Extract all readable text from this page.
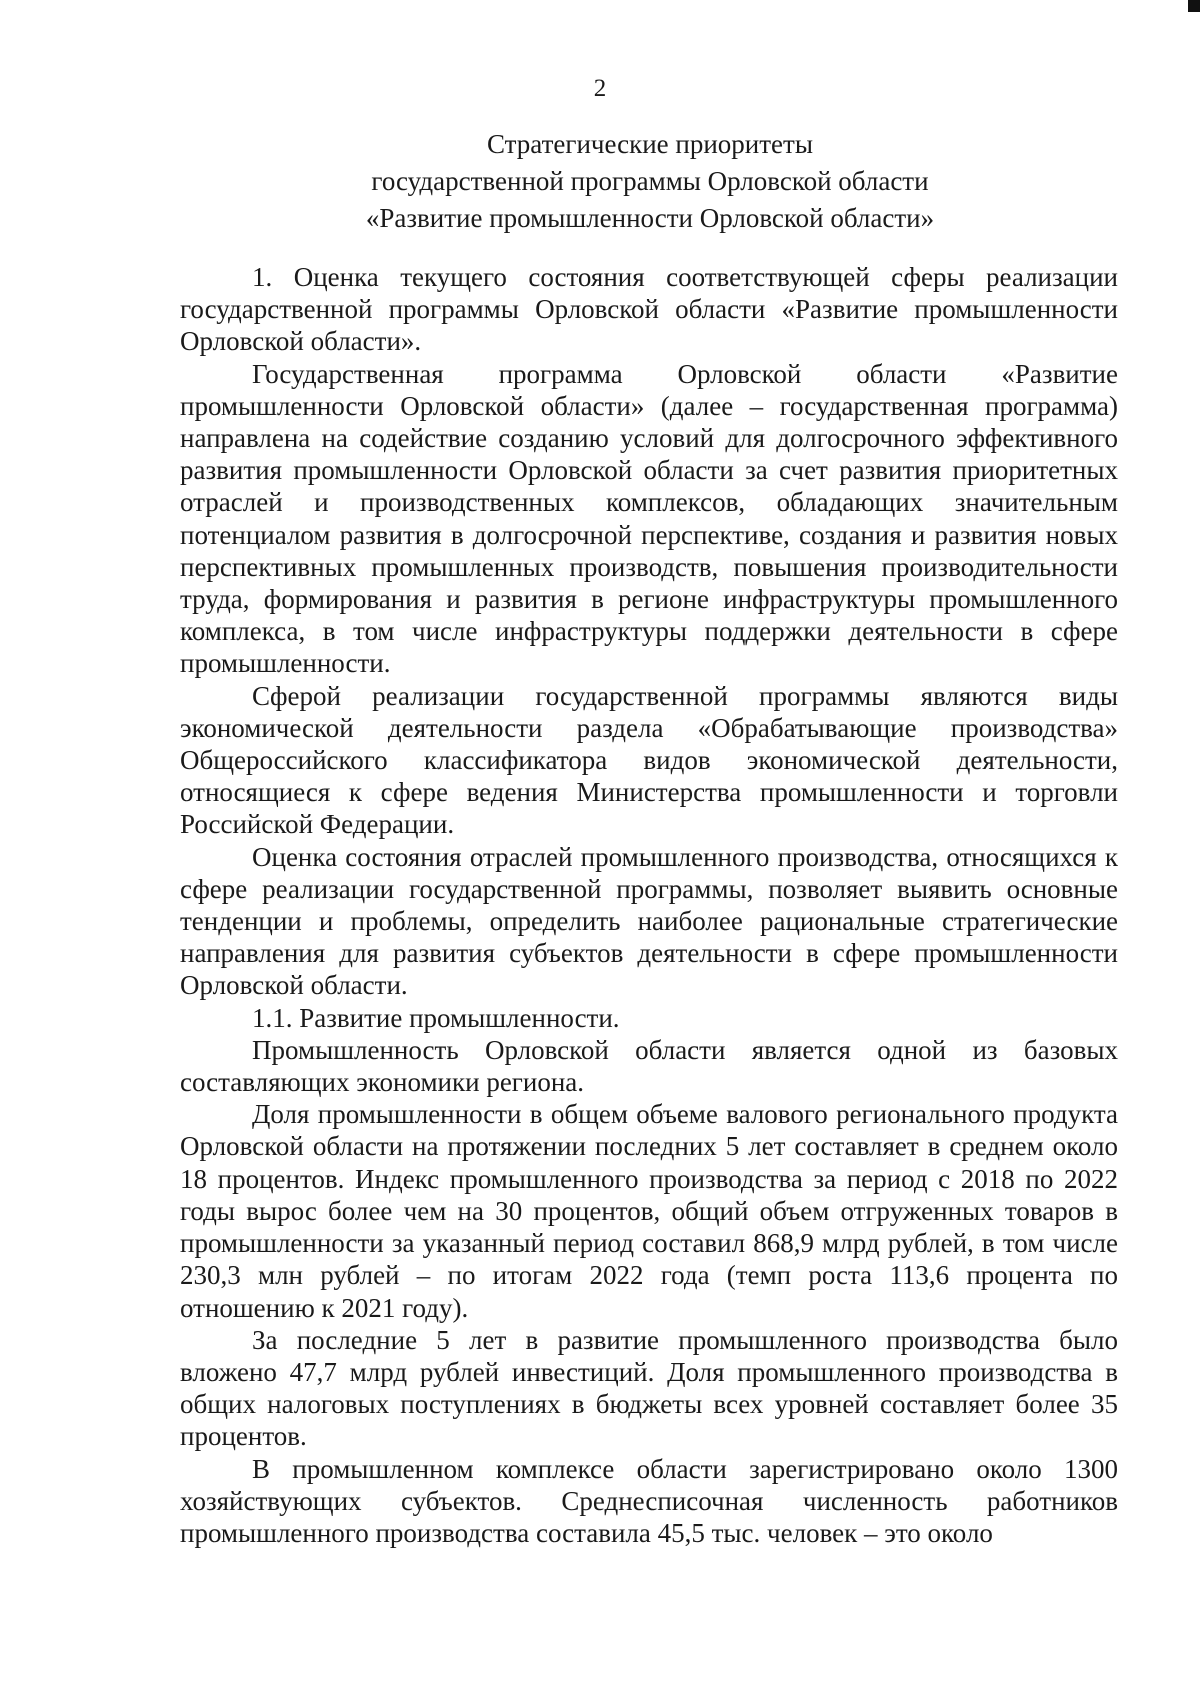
2
Стратегические приоритеты
государственной программы Орловской области
«Развитие промышленности Орловской области»

1. Оценка текущего состояния соответствующей сферы реализации государственной программы Орловской области «Развитие промышленности Орловской области».

Государственная программа Орловской области «Развитие промышленности Орловской области» (далее – государственная программа) направлена на содействие созданию условий для долгосрочного эффективного развития промышленности Орловской области за счет развития приоритетных отраслей и производственных комплексов, обладающих значительным потенциалом развития в долгосрочной перспективе, создания и развития новых перспективных промышленных производств, повышения производительности труда, формирования и развития в регионе инфраструктуры промышленного комплекса, в том числе инфраструктуры поддержки деятельности в сфере промышленности.

Сферой реализации государственной программы являются виды экономической деятельности раздела «Обрабатывающие производства» Общероссийского классификатора видов экономической деятельности, относящиеся к сфере ведения Министерства промышленности и торговли Российской Федерации.

Оценка состояния отраслей промышленного производства, относящихся к сфере реализации государственной программы, позволяет выявить основные тенденции и проблемы, определить наиболее рациональные стратегические направления для развития субъектов деятельности в сфере промышленности Орловской области.

1.1. Развитие промышленности.

Промышленность Орловской области является одной из базовых составляющих экономики региона.

Доля промышленности в общем объеме валового регионального продукта Орловской области на протяжении последних 5 лет составляет в среднем около 18 процентов. Индекс промышленного производства за период с 2018 по 2022 годы вырос более чем на 30 процентов, общий объем отгруженных товаров в промышленности за указанный период составил 868,9 млрд рублей, в том числе 230,3 млн рублей – по итогам 2022 года (темп роста 113,6 процента по отношению к 2021 году).

За последние 5 лет в развитие промышленного производства было вложено 47,7 млрд рублей инвестиций. Доля промышленного производства в общих налоговых поступлениях в бюджеты всех уровней составляет более 35 процентов.

В промышленном комплексе области зарегистрировано около 1300 хозяйствующих субъектов. Среднесписочная численность работников промышленного производства составила 45,5 тыс. человек – это около
